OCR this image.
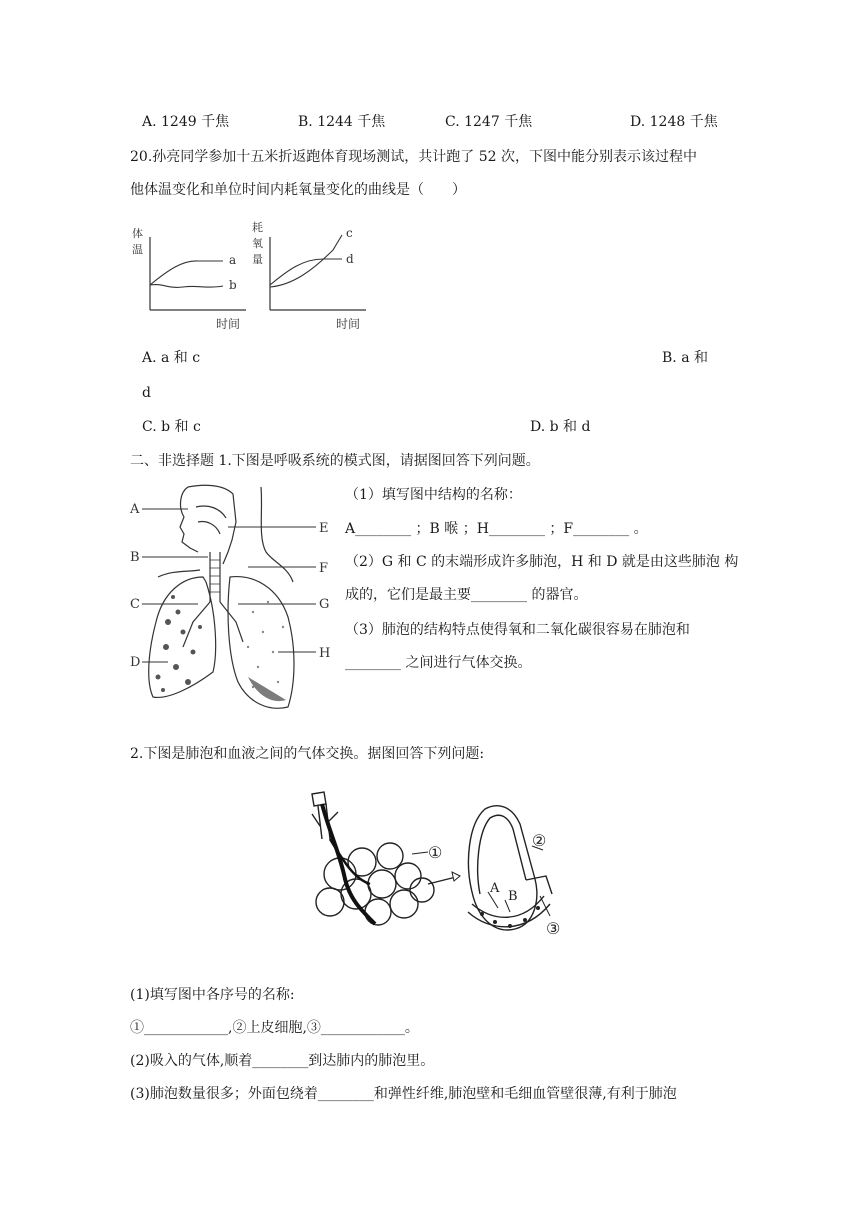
A. 1249 千焦	B. 1244 千焦	C. 1247 千焦	D. 1248 千焦
20.孙亮同学参加十五米折返跑体育现场测试，共计跑了 52 次，下图中能分别表示该过程中
他体温变化和单位时间内耗氧量变化的曲线是（　　）
体
温
a
b
时间
耗
氧
量
c
d
时间
A. a 和 c	B. a 和
d
C. b 和 c	D. b 和 d
二、非选择题 1.下图是呼吸系统的模式图，请据图回答下列问题。
A
B
C
D
E
F
G
H
（1）填写图中结构的名称：
A________ ；B 喉 ；H________ ；F________ 。
（2）G 和 C 的末端形成许多肺泡，H 和 D 就是由这些肺泡 构
成的，它们是最主要________ 的器官。
（3）肺泡的结构特点使得氧和二氧化碳很容易在肺泡和
________ 之间进行气体交换。
2.下图是肺泡和血液之间的气体交换。据图回答下列问题:
①
②
③
A
B
(1)填写图中各序号的名称:
①____________,②上皮细胞,③____________。
(2)吸入的气体,顺着________到达肺内的肺泡里。
(3)肺泡数量很多；外面包绕着________和弹性纤维,肺泡壁和毛细血管壁很薄,有利于肺泡
